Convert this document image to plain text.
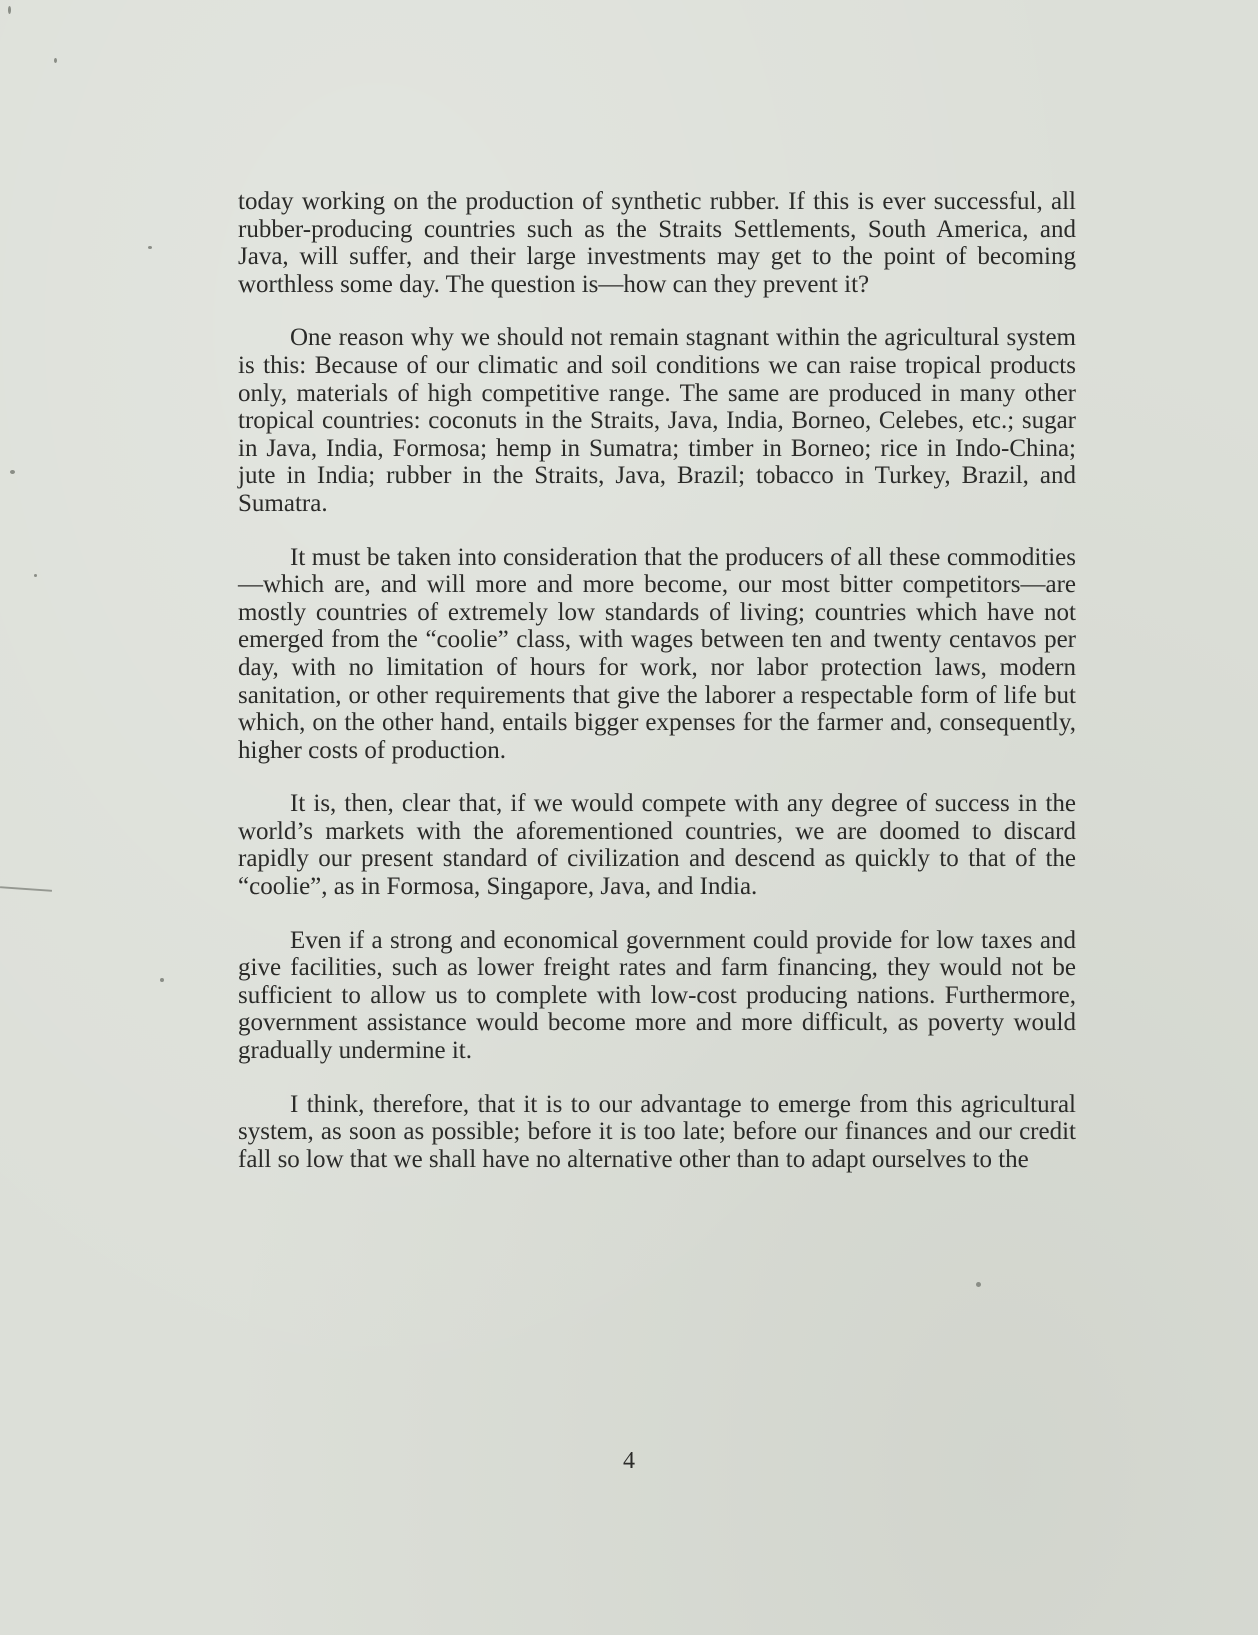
today working on the production of synthetic rubber. If this is ever successful, all rubber-producing countries such as the Straits Settlements, South America, and Java, will suffer, and their large investments may get to the point of becoming worthless some day. The question is—how can they prevent it?

One reason why we should not remain stagnant within the agricultural system is this: Because of our climatic and soil conditions we can raise tropical products only, materials of high competitive range. The same are produced in many other tropical countries: coconuts in the Straits, Java, India, Borneo, Celebes, etc.; sugar in Java, India, Formosa; hemp in Sumatra; timber in Borneo; rice in Indo-China; jute in India; rubber in the Straits, Java, Brazil; tobacco in Turkey, Brazil, and Sumatra.

It must be taken into consideration that the producers of all these commodities—which are, and will more and more become, our most bitter competitors—are mostly countries of extremely low standards of living; countries which have not emerged from the “coolie” class, with wages between ten and twenty centavos per day, with no limitation of hours for work, nor labor protection laws, modern sanitation, or other requirements that give the laborer a respectable form of life but which, on the other hand, entails bigger expenses for the farmer and, consequently, higher costs of production.

It is, then, clear that, if we would compete with any degree of success in the world’s markets with the aforementioned countries, we are doomed to discard rapidly our present standard of civilization and descend as quickly to that of the “coolie”, as in Formosa, Singapore, Java, and India.

Even if a strong and economical government could provide for low taxes and give facilities, such as lower freight rates and farm financing, they would not be sufficient to allow us to complete with low-cost producing nations. Furthermore, government assistance would become more and more difficult, as poverty would gradually undermine it.

I think, therefore, that it is to our advantage to emerge from this agricultural system, as soon as possible; before it is too late; before our finances and our credit fall so low that we shall have no alternative other than to adapt ourselves to the

4
